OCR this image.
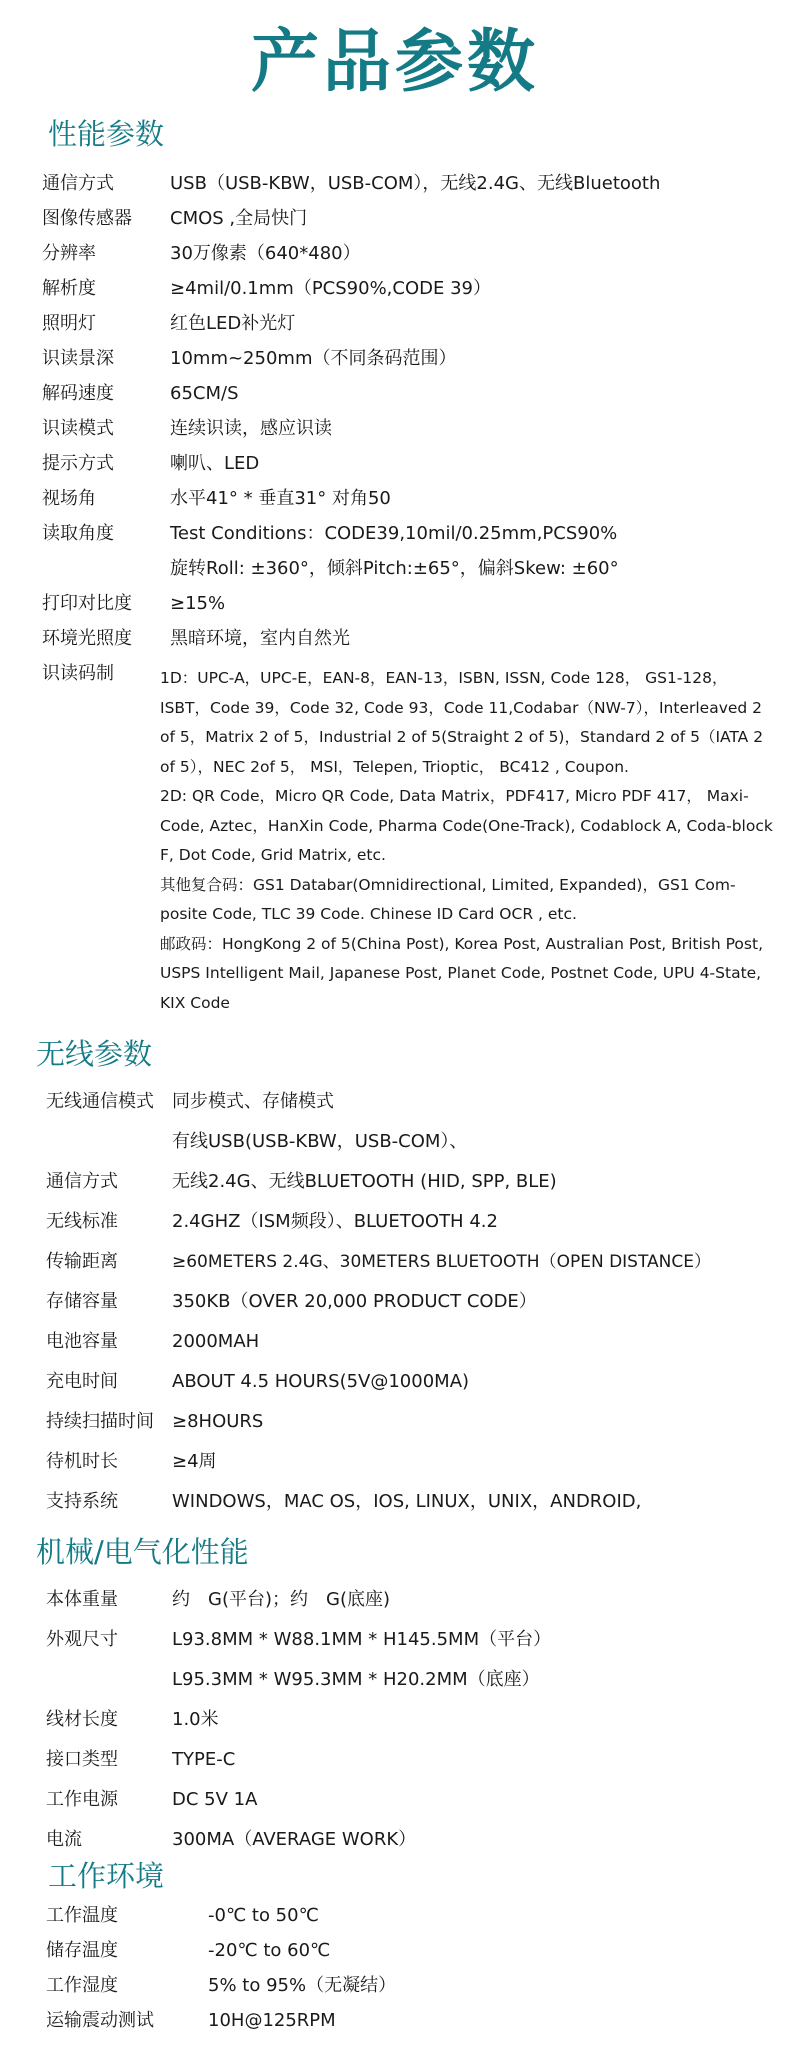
产品参数
性能参数
通信方式	USB（USB-KBW，USB-COM），无线2.4G、无线Bluetooth
图像传感器 CMOS ,全局快门
分辨率	30万像素（640*480）
解析度	≥4mil/0.1mm（PCS90%,CODE 39）
照明灯	红色LED补光灯
识读景深	10mm~250mm（不同条码范围）
解码速度	65CM/S
识读模式	连续识读，感应识读
提示方式	喇叭、LED
视场角	水平41° * 垂直31° 对角50
读取角度	Test Conditions：CODE39,10mil/0.25mm,PCS90%
旋转Roll: ±360°，倾斜Pitch:±65°，偏斜Skew: ±60°
打印对比度 ≥15%
环境光照度 黑暗环境，室内自然光
识读码制	1D：UPC-A，UPC-E，EAN-8，EAN-13，ISBN, ISSN, Code 128， GS1-128， ISBT，Code 39，Code 32, Code 93，Code 11,Codabar（NW-7），Interleaved 2 of 5，Matrix 2 of 5，Industrial 2 of 5(Straight 2 of 5)，Standard 2 of 5（IATA 2 of 5），NEC 2of 5， MSI，Telepen, Trioptic， BC412 , Coupon.
2D: QR Code，Micro QR Code, Data Matrix，PDF417, Micro PDF 417， Maxi-Code, Aztec，HanXin Code, Pharma Code(One-Track), Codablock A, Coda-block F, Dot Code, Grid Matrix, etc.
其他复合码：GS1 Databar(Omnidirectional, Limited, Expanded)，GS1 Com-posite Code, TLC 39 Code. Chinese ID Card OCR , etc.
邮政码：HongKong 2 of 5(China Post), Korea Post, Australian Post, British Post, USPS Intelligent Mail, Japanese Post, Planet Code, Postnet Code, UPU 4-State, KIX Code
无线参数
无线通信模式 同步模式、存储模式
有线USB(USB-KBW，USB-COM）、
通信方式	无线2.4G、无线BLUETOOTH (HID, SPP, BLE)
无线标准	2.4GHZ（ISM频段）、BLUETOOTH 4.2
传输距离	≥60METERS 2.4G、30METERS BLUETOOTH（OPEN DISTANCE）
存储容量	350KB（OVER 20,000 PRODUCT CODE）
电池容量	2000MAH
充电时间	ABOUT 4.5 HOURS(5V@1000MA)
持续扫描时间 ≥8HOURS
待机时长	≥4周
支持系统	WINDOWS，MAC OS，IOS, LINUX，UNIX，ANDROID,
机械/电气化性能
本体重量	约　G(平台)；约　G(底座)
外观尺寸	L93.8MM * W88.1MM * H145.5MM（平台）
L95.3MM * W95.3MM * H20.2MM（底座）
线材长度	1.0米
接口类型	TYPE-C
工作电源	DC 5V 1A
电流	300MA（AVERAGE WORK）
工作环境
工作温度	-0℃ to 50℃
储存温度	-20℃ to 60℃
工作湿度	5% to 95%（无凝结）
运输震动测试	10H@125RPM
